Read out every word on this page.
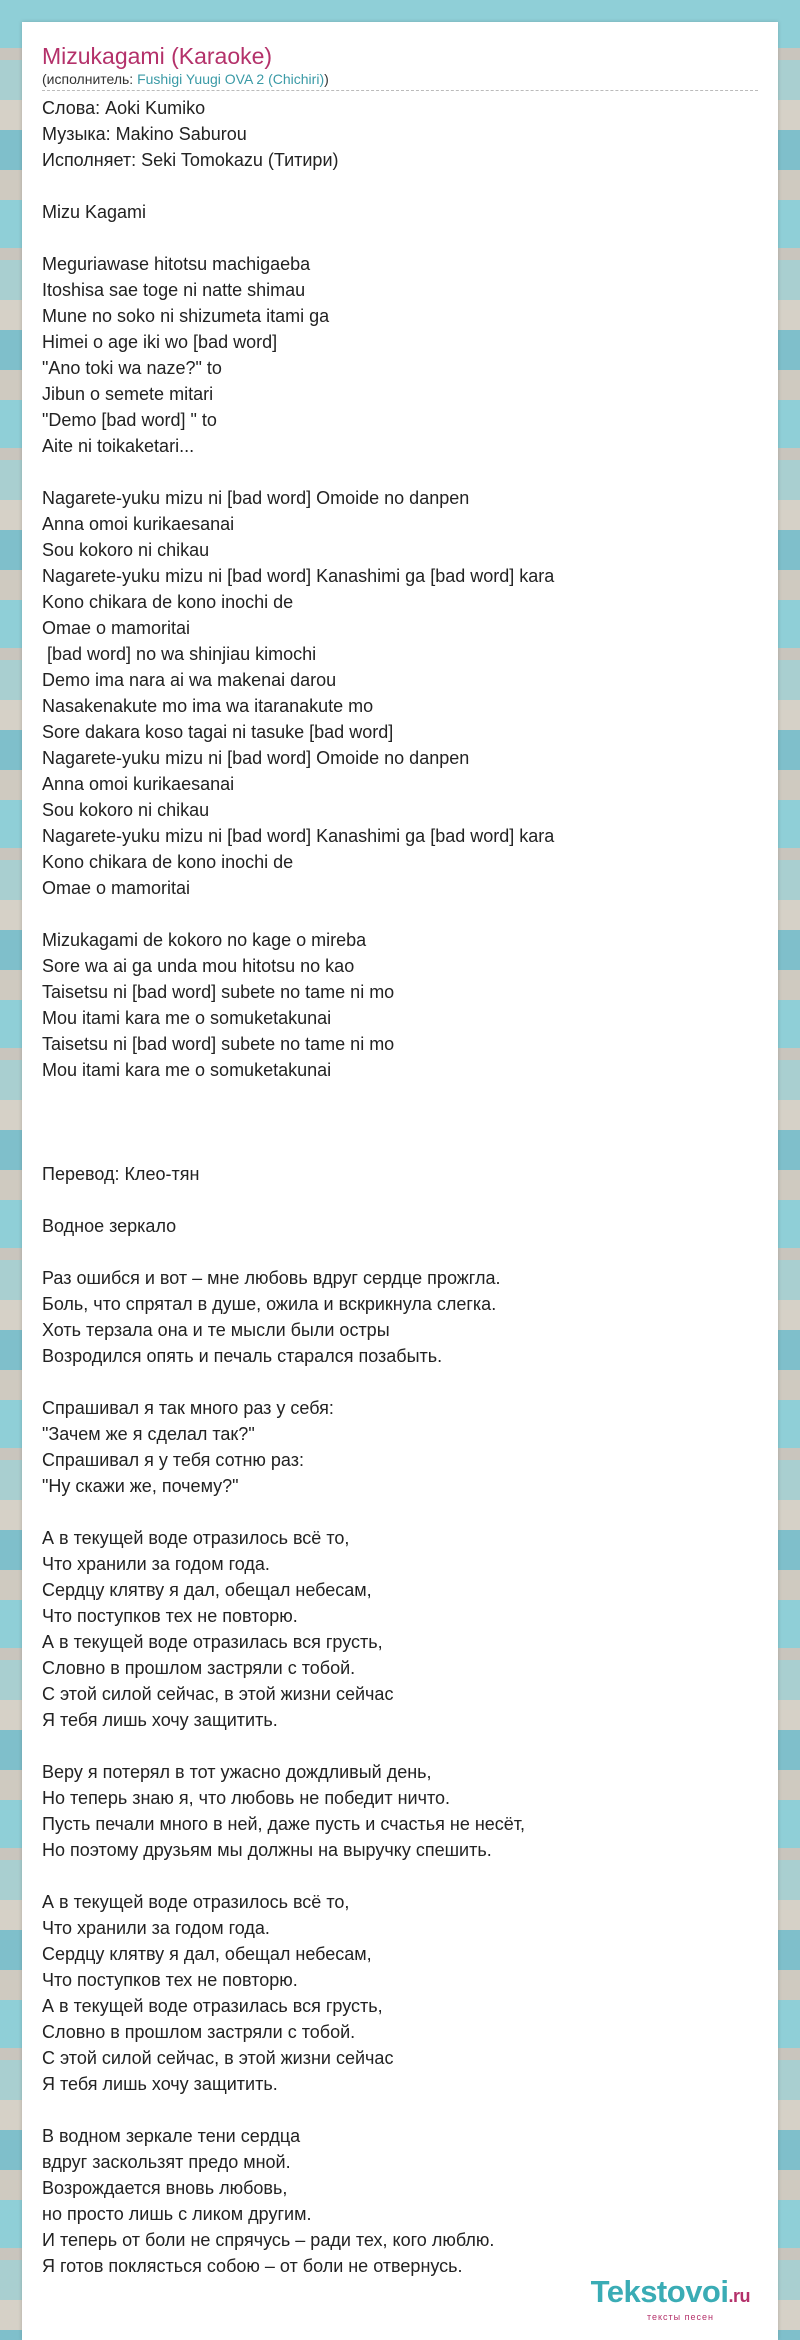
Mizukagami (Karaoke)
(исполнитель: Fushigi Yuugi OVA 2 (Chichiri))
Слова: Aoki Kumiko
Музыка: Makino Saburou
Исполняет: Seki Tomokazu (Титири)

Mizu Kagami

Meguriawase hitotsu machigaeba
Itoshisa sae toge ni natte shimau
Mune no soko ni shizumeta itami ga
Himei o age iki wo [bad word]
"Ano toki wa naze?" to
Jibun o semete mitari
"Demo [bad word] " to
Aite ni toikaketari...

Nagarete-yuku mizu ni [bad word] Omoide no danpen
Anna omoi kurikaesanai
Sou kokoro ni chikau
Nagarete-yuku mizu ni [bad word] Kanashimi ga [bad word] kara
Kono chikara de kono inochi de
Omae o mamoritai
[bad word] no wa shinjiau kimochi
Demo ima nara ai wa makenai darou
Nasakenakute mo ima wa itaranakute mo
Sore dakara koso tagai ni tasuke [bad word]
Nagarete-yuku mizu ni [bad word] Omoide no danpen
Anna omoi kurikaesanai
Sou kokoro ni chikau
Nagarete-yuku mizu ni [bad word] Kanashimi ga [bad word] kara
Kono chikara de kono inochi de
Omae o mamoritai

Mizukagami de kokoro no kage o mireba
Sore wa ai ga unda mou hitotsu no kao
Taisetsu ni [bad word] subete no tame ni mo
Mou itami kara me o somuketakunai
Taisetsu ni [bad word] subete no tame ni mo
Mou itami kara me o somuketakunai

Перевод: Клео-тян

Водное зеркало

Раз ошибся и вот – мне любовь вдруг сердце прожгла.
Боль, что спрятал в душе, ожила и вскрикнула слегка.
Хоть терзала она и те мысли были остры
Возродился опять и печаль старался позабыть.

Спрашивал я так много раз у себя:
"Зачем же я сделал так?"
Спрашивал я у тебя сотню раз:
"Ну скажи же, почему?"

А в текущей воде отразилось всё то,
Что хранили за годом года.
Сердцу клятву я дал, обещал небесам,
Что поступков тех не повторю.
А в текущей воде отразилась вся грусть,
Словно в прошлом застряли с тобой.
С этой силой сейчас, в этой жизни сейчас
Я тебя лишь хочу защитить.

Веру я потерял в тот ужасно дождливый день,
Но теперь знаю я, что любовь не победит ничто.
Пусть печали много в ней, даже пусть и счастья не несёт,
Но поэтому друзьям мы должны на выручку спешить.

А в текущей воде отразилось всё то,
Что хранили за годом года.
Сердцу клятву я дал, обещал небесам,
Что поступков тех не повторю.
А в текущей воде отразилась вся грусть,
Словно в прошлом застряли с тобой.
С этой силой сейчас, в этой жизни сейчас
Я тебя лишь хочу защитить.

В водном зеркале тени сердца
вдруг заскользят предо мной.
Возрождается вновь любовь,
но просто лишь с ликом другим.
И теперь от боли не спрячусь – ради тех, кого люблю.
Я готов поклясться собою – от боли не отвернусь.
Tekstovoi.ru
тексты песен
